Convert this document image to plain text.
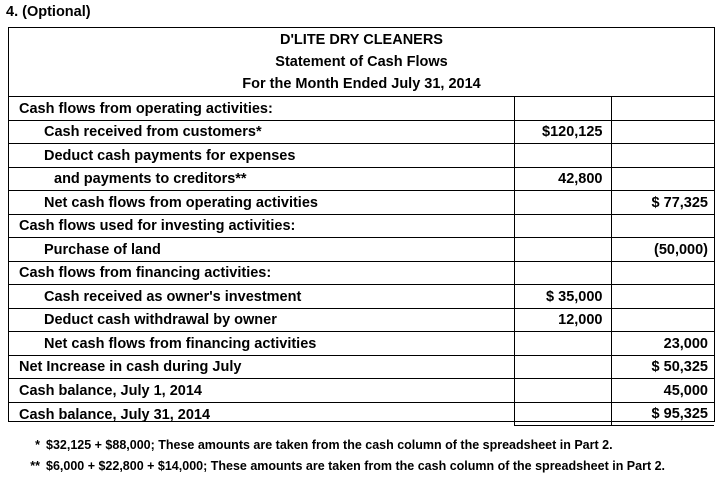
4. (Optional)
D'LITE DRY CLEANERS
Statement of Cash Flows
For the Month Ended July 31, 2014
Cash flows from operating activities:		
Cash received from customers*	$120,125	
Deduct cash payments for expenses		
and payments to creditors**	42,800	
Net cash flows from operating activities		$ 77,325
Cash flows used for investing activities:		
Purchase of land		(50,000)
Cash flows from financing activities:		
Cash received as owner's investment	$ 35,000	
Deduct cash withdrawal by owner	12,000	
Net cash flows from financing activities		23,000
Net Increase in cash during July		$ 50,325
Cash balance, July 1, 2014		45,000
Cash balance, July 31, 2014		$ 95,325
* $32,125 + $88,000; These amounts are taken from the cash column of the spreadsheet in Part 2.
** $6,000 + $22,800 + $14,000; These amounts are taken from the cash column of the spreadsheet in Part 2.
